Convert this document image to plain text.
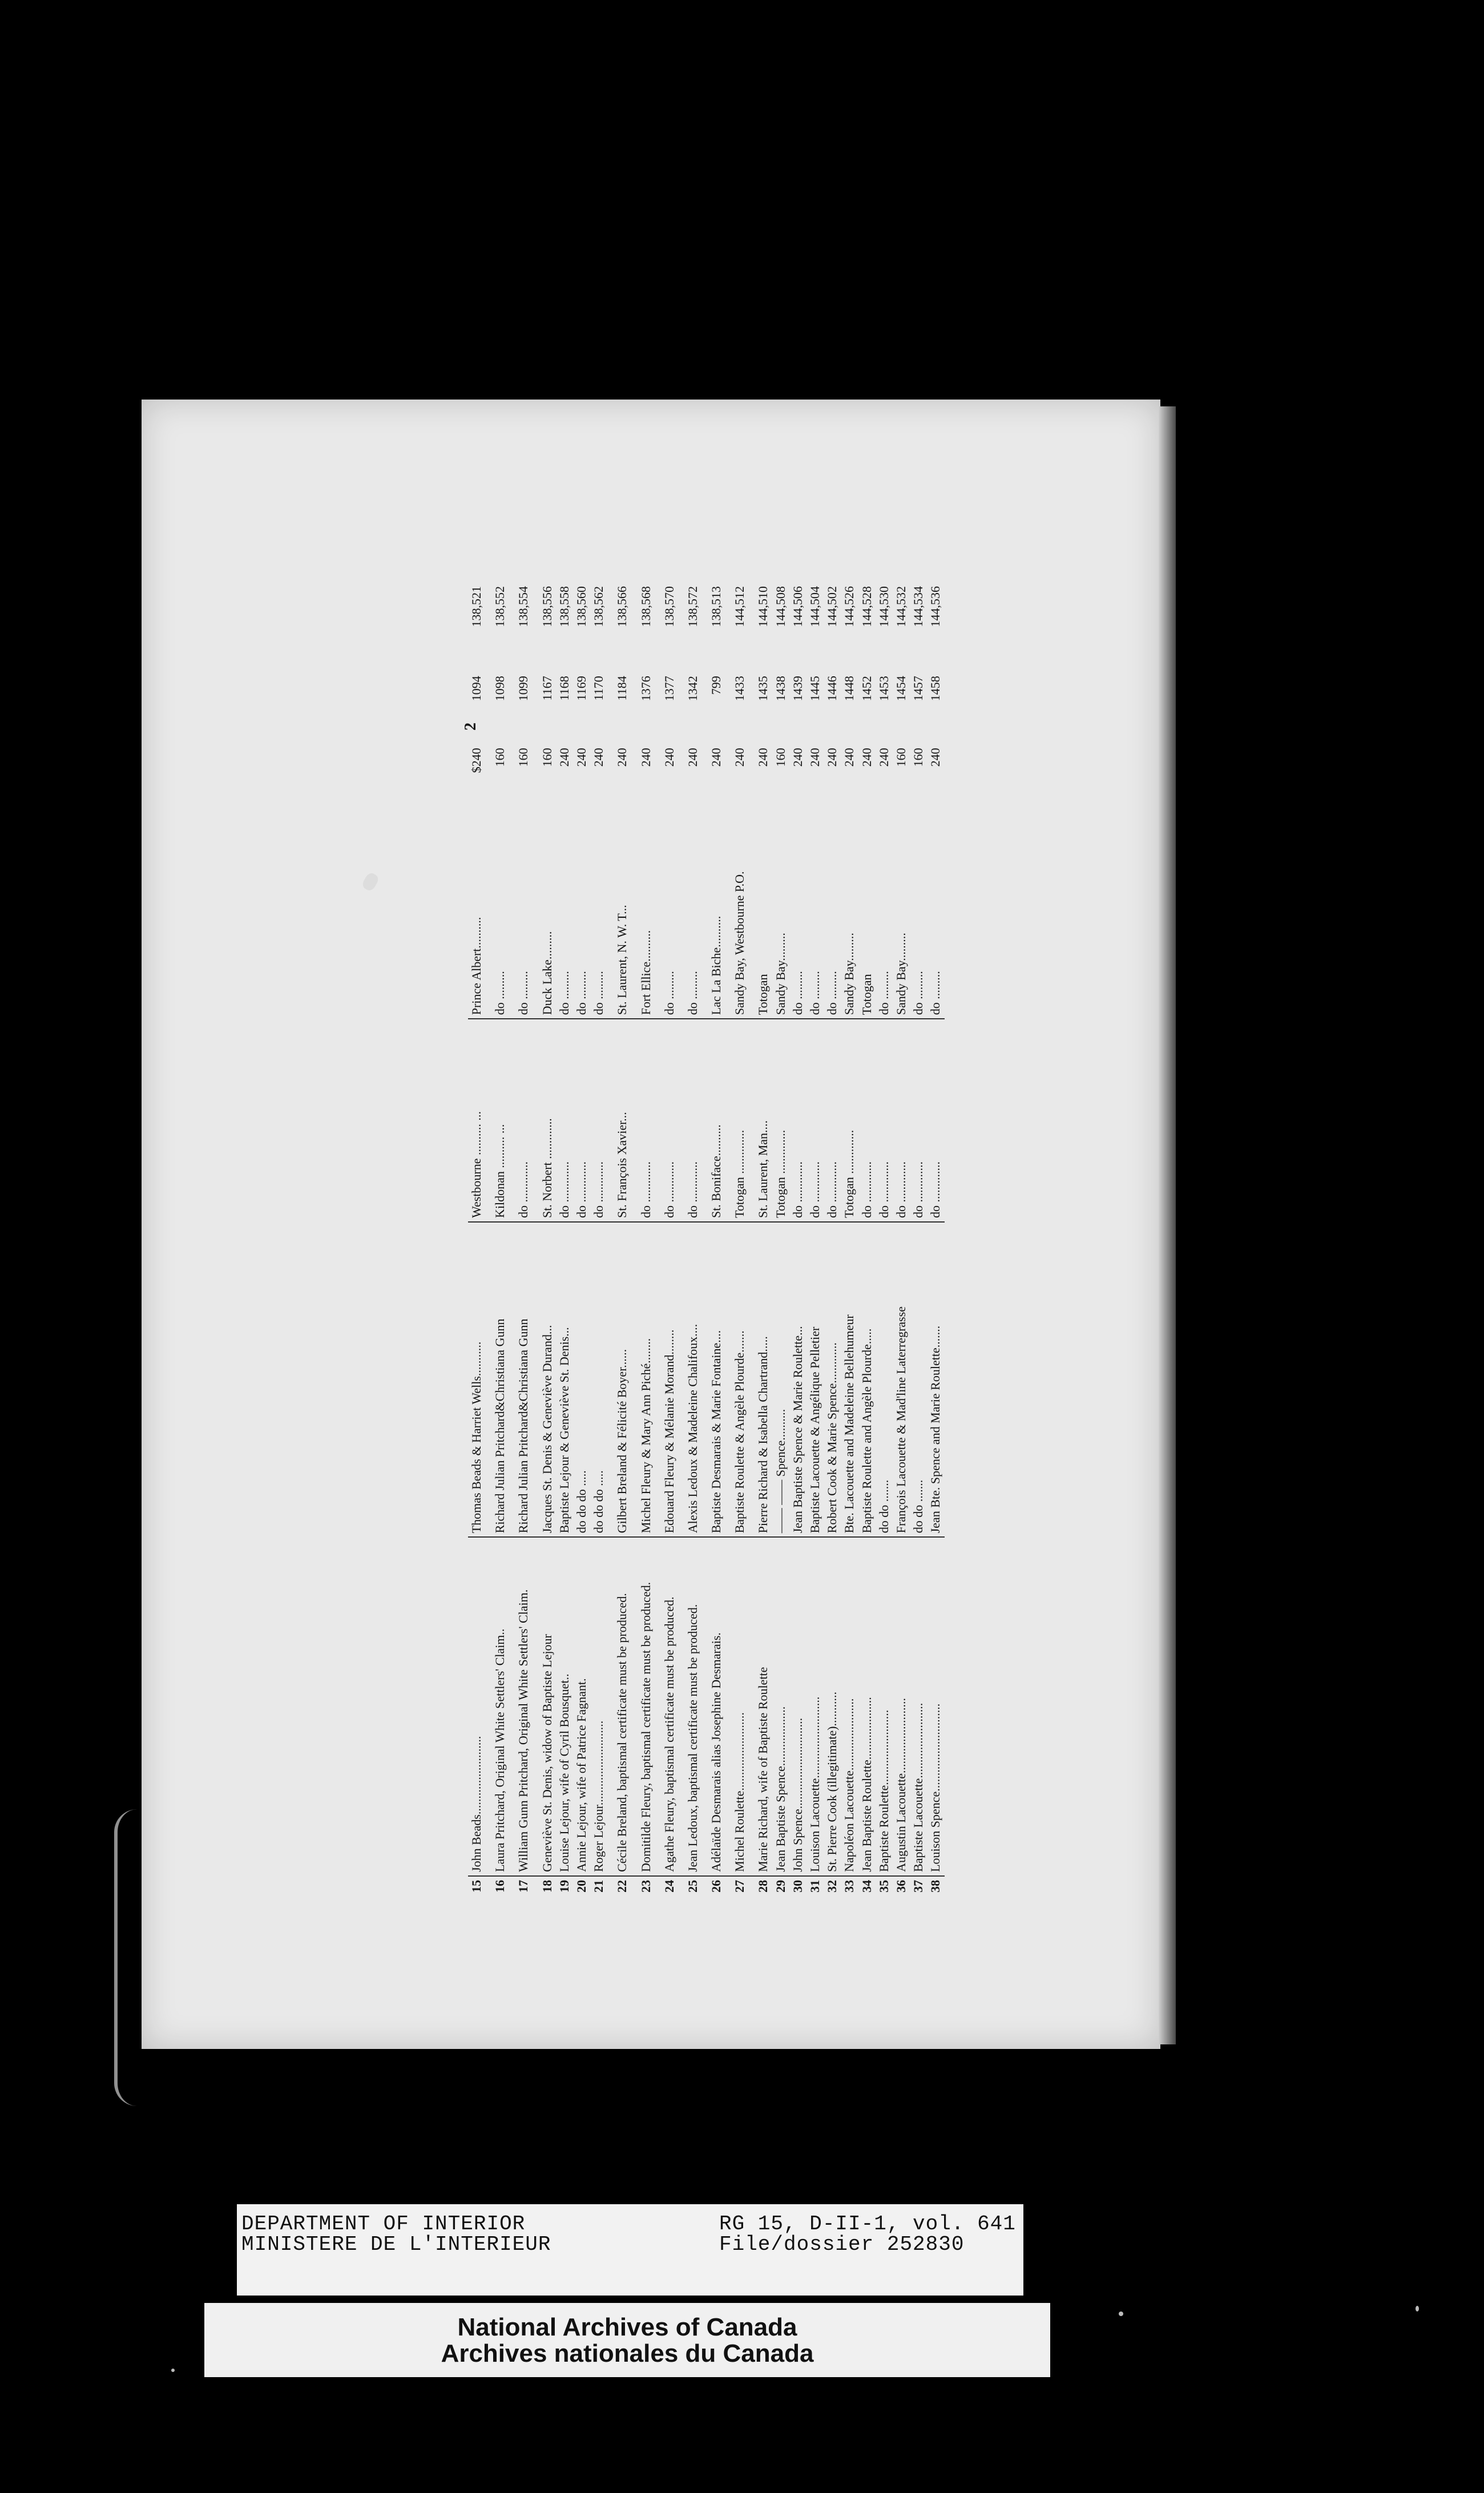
2
15	John Beads.........................	Thomas Beads & Harriet Wells...........	Westbourne .......... ...	Prince Albert..........	$240	1094	138,521
16	Laura Pritchard, Original White Settlers' Claim..	Richard Julian Pritchard&Christiana Gunn	Kildonan .......... ...	do .........	160	1098	138,552
17	William Gunn Pritchard, Original White Settlers' Claim.	Richard Julian Pritchard&Christiana Gunn	do .............	do .........	160	1099	138,554
18	Geneviève St. Denis, widow of Baptiste Lejour	Jacques St. Denis & Geneviève Durand...	St. Norbert .............	Duck Lake.........	160	1167	138,556
19	Louise Lejour, wife of Cyril Bousquet..	Baptiste Lejour & Geneviève St. Denis...	do .............	do .........	240	1168	138,558
20	Annie Lejour, wife of Patrice Fagnant.	do do do .....	do .............	do .........	240	1169	138,560
21	Roger Lejour...........................	do do do .....	do .............	do .........	240	1170	138,562
22	Cécile Breland, baptismal certificate must be produced.	Gilbert Breland & Félicité Boyer......	St. François Xavier...	St. Laurent, N. W. T...	240	1184	138,566
23	Domitilde Fleury, baptismal certificate must be produced.	Michel Fleury & Mary Ann Piché........	do .............	Fort Ellice..........	240	1376	138,568
24	Agathe Fleury, baptismal certificate must be produced.	Edouard Fleury & Mélanie Morand........	do .............	do .........	240	1377	138,570
25	Jean Ledoux, baptismal certificate must be produced.	Alexis Ledoux & Madeleine Chalifoux....	do .............	do .........	240	1342	138,572
26	Adélaïde Desmarais alias Josephine Desmarais.	Baptiste Desmarais & Marie Fontaine....	St. Boniface..........	Lac La Biche..........	240	799	138,513
27	Michel Roulette.........................	Baptiste Roulette & Angèle Plourde.......	Totogan ..............	Sandy Bay, Westbourne P.O.	240	1433	144,512
28	Marie Richard, wife of Baptiste Roulette	Pierre Richard & Isabella Chartrand.....	St. Laurent, Man....	Totogan	240	1435	144,510
29	Jean Baptiste Spence...................	—— —— Spence..........	Totogan ..............	Sandy Bay.........	160	1438	144,508
30	John Spence.............................	Jean Baptiste Spence & Marie Roulette...	do .............	do .........	240	1439	144,506
31	Louison Lacouette..........................	Baptiste Lacouette & Angélique Pelletier	do .............	do .........	240	1445	144,504
32	St. Pierre Cook (illegitimate)...........	Robert Cook & Marie Spence.............	do .............	do .........	240	1446	144,502
33	Napoléon Lacouette.......................	Bte. Lacouette and Madeleine Bellehumeur	Totogan ..............	Sandy Bay.........	240	1448	144,526
34	Jean Baptiste Roulette....................	Baptiste Roulette and Angèle Plourde.....	do .............	Totogan	240	1452	144,528
35	Baptiste Roulette........................	do do .......	do .............	do .........	240	1453	144,530
36	Augustin Lacouette........................	François Lacouette & Mad'line Laterregrasse	do .............	Sandy Bay.........	160	1454	144,532
37	Baptiste Lacouette........................	do do .......	do .............	do .........	160	1457	144,534
38	Louison Spence............................	Jean Bte. Spence and Marie Roulette.......	do .............	do .........	240	1458	144,536
DEPARTMENT OF INTERIOR
MINISTERE DE L'INTERIEUR
RG 15, D-II-1, vol. 641
File/dossier 252830
National Archives of Canada
Archives nationales du Canada
